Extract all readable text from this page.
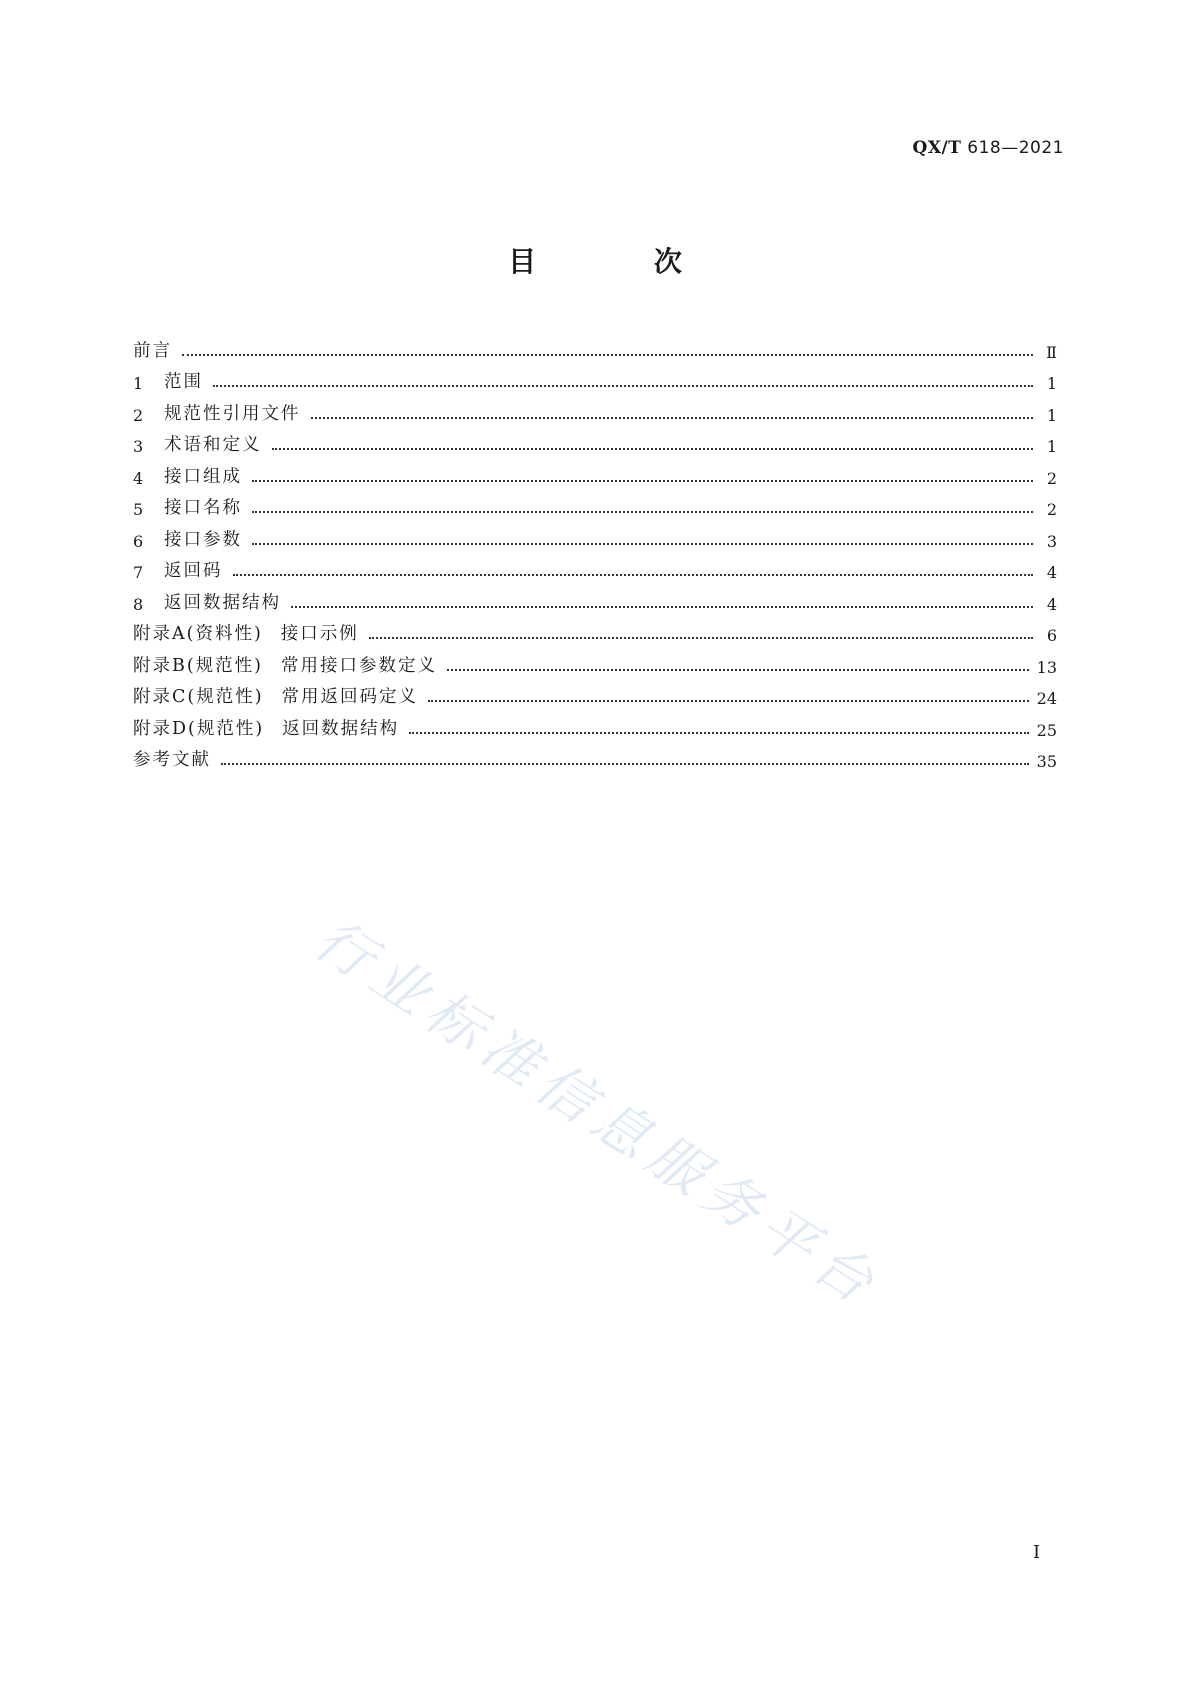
QX/T 618—2021
目 次
前言	Ⅱ
1	范围	1
2	规范性引用文件	1
3	术语和定义	1
4	接口组成	2
5	接口名称	2
6	接口参数	3
7	返回码	4
8	返回数据结构	4
附录A(资料性) 接口示例	6
附录B(规范性) 常用接口参数定义	13
附录C(规范性) 常用返回码定义	24
附录D(规范性) 返回数据结构	25
参考文献	35
行业标准信息服务平台
I
